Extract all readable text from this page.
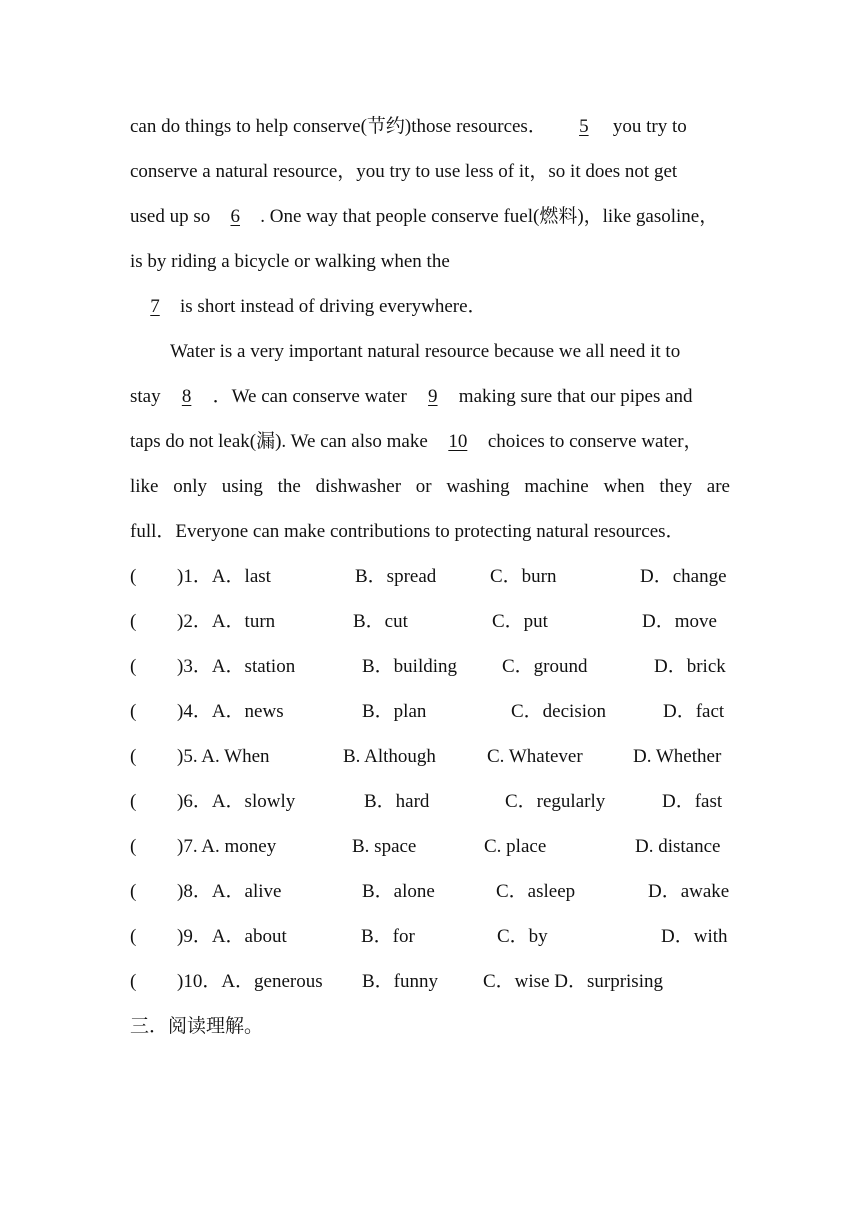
can do things to help conserve(节约)those resources． 5 you try to
conserve a natural resource，you try to use less of it，so it does not get
used up so 6 . One way that people conserve fuel(燃料)，like gasoline，
is by riding a bicycle or walking when the
7 is short instead of driving everywhere．
Water is a very important natural resource because we all need it to
stay 8 ．We can conserve water 9 making sure that our pipes and
taps do not leak(漏). We can also make 10 choices to conserve water，
like only using the dishwasher or washing machine when they are
full．Everyone can make contributions to protecting natural resources．
( )1．A．last	B．spread	C．burn	D．change
( )2．A．turn	B．cut	C．put	D．move
( )3．A．station	B．building C．ground	D．brick
( )4．A．news	B．plan	C．decision	D．fact
( )5. A. When	B. Although	C. Whatever	D. Whether
( )6．A．slowly	B．hard	C．regularly	D．fast
( )7. A. money	B. space	C. place	D. distance
( )8．A．alive	B．alone	C．asleep	D．awake
( )9．A．about	B．for	C．by	D．with
( )10．A．generous B．funny C．wise D．surprising
三．阅读理解。
